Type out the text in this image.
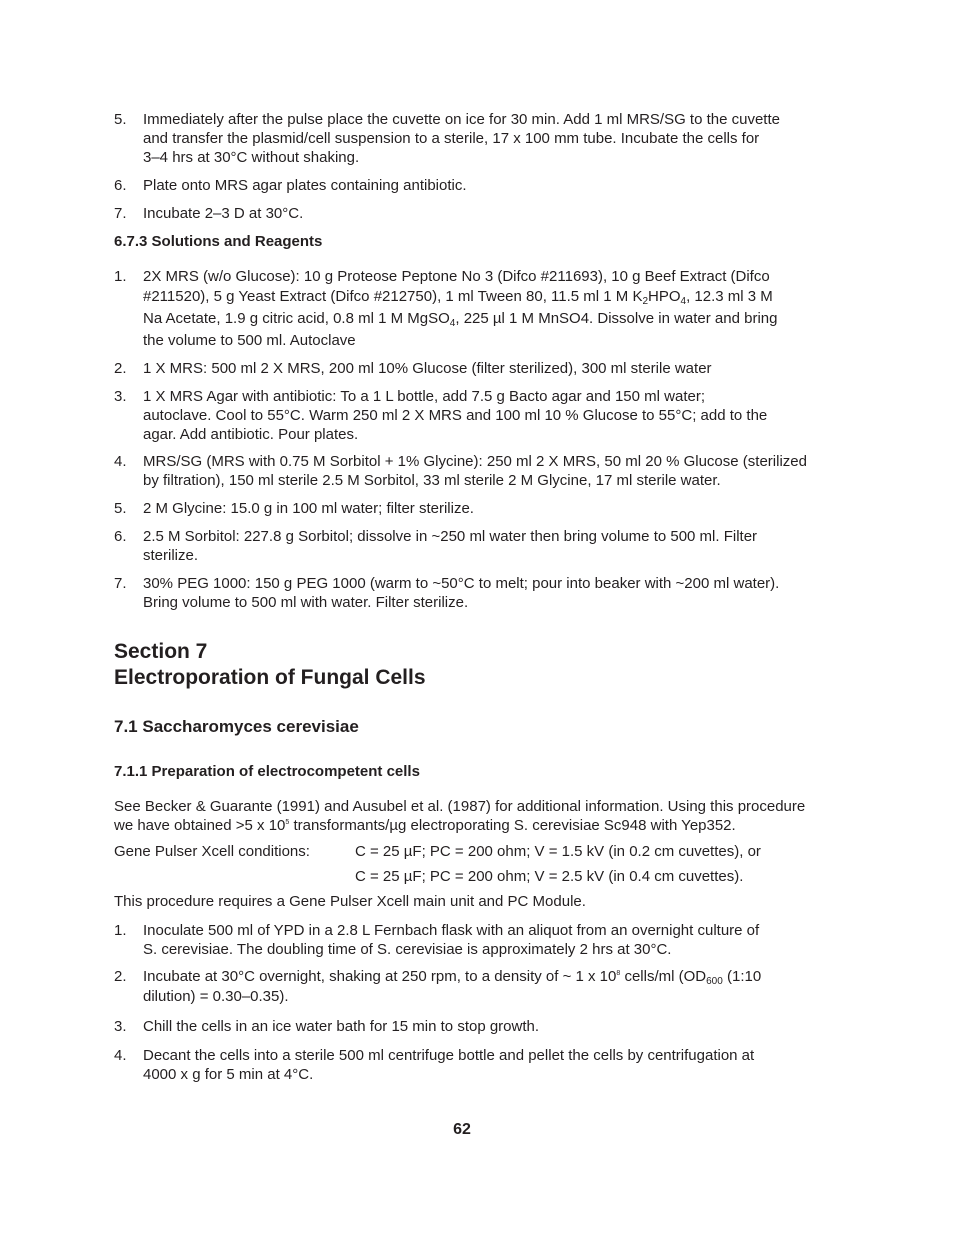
5.	Immediately after the pulse place the cuvette on ice for 30 min. Add 1 ml MRS/SG to the cuvette
and transfer the plasmid/cell suspension to a sterile, 17 x 100 mm tube. Incubate the cells for
3–4 hrs at 30°C without shaking.
6.	Plate onto MRS agar plates containing antibiotic.
7.	Incubate 2–3 D at 30°C.
6.7.3 Solutions and Reagents
1.	2X MRS (w/o Glucose): 10 g Proteose Peptone No 3 (Difco #211693), 10 g Beef Extract (Difco
#211520), 5 g Yeast Extract (Difco #212750), 1 ml Tween 80, 11.5 ml 1 M $K_2HPO_4$, 12.3 ml 3 M
Na Acetate, 1.9 g citric acid, 0.8 ml 1 M MgSO$_4$, 225 µl 1 M MnSO4. Dissolve in water and bring
the volume to 500 ml. Autoclave
2.	1 X MRS: 500 ml 2 X MRS, 200 ml 10% Glucose (filter sterilized), 300 ml sterile water
3.	1 X MRS Agar with antibiotic: To a 1 L bottle, add 7.5 g Bacto agar and 150 ml water;
autoclave. Cool to 55°C. Warm 250 ml 2 X MRS and 100 ml 10 % Glucose to 55°C; add to the
agar. Add antibiotic. Pour plates.
4.	MRS/SG (MRS with 0.75 M Sorbitol + 1% Glycine): 250 ml 2 X MRS, 50 ml 20 % Glucose (sterilized
by filtration), 150 ml sterile 2.5 M Sorbitol, 33 ml sterile 2 M Glycine, 17 ml sterile water.
5.	2 M Glycine: 15.0 g in 100 ml water; filter sterilize.
6.	2.5 M Sorbitol: 227.8 g Sorbitol; dissolve in ~250 ml water then bring volume to 500 ml. Filter
sterilize.
7.	30% PEG 1000: 150 g PEG 1000 (warm to ~50°C to melt; pour into beaker with ~200 ml water).
Bring volume to 500 ml with water. Filter sterilize.
Section 7
Electroporation of Fungal Cells
7.1 Saccharomyces cerevisiae
7.1.1 Preparation of electrocompetent cells
See Becker & Guarante (1991) and Ausubel et al. (1987) for additional information. Using this procedure
we have obtained >5 x $10^5$ transformants/µg electroporating S. cerevisiae Sc948 with Yep352.
Gene Pulser Xcell conditions:	C = 25 µF; PC = 200 ohm; V = 1.5 kV (in 0.2 cm cuvettes), or
C = 25 µF; PC = 200 ohm; V = 2.5 kV (in 0.4 cm cuvettes).
This procedure requires a Gene Pulser Xcell main unit and PC Module.
1.	Inoculate 500 ml of YPD in a 2.8 L Fernbach flask with an aliquot from an overnight culture of
S. cerevisiae. The doubling time of S. cerevisiae is approximately 2 hrs at 30°C.
2.	Incubate at 30°C overnight, shaking at 250 rpm, to a density of ~ 1 x $10^8$ cells/ml ($OD_{600}$ (1:10
dilution) = 0.30–0.35).
3.	Chill the cells in an ice water bath for 15 min to stop growth.
4.	Decant the cells into a sterile 500 ml centrifuge bottle and pellet the cells by centrifugation at
4000 x g for 5 min at 4°C.
62
